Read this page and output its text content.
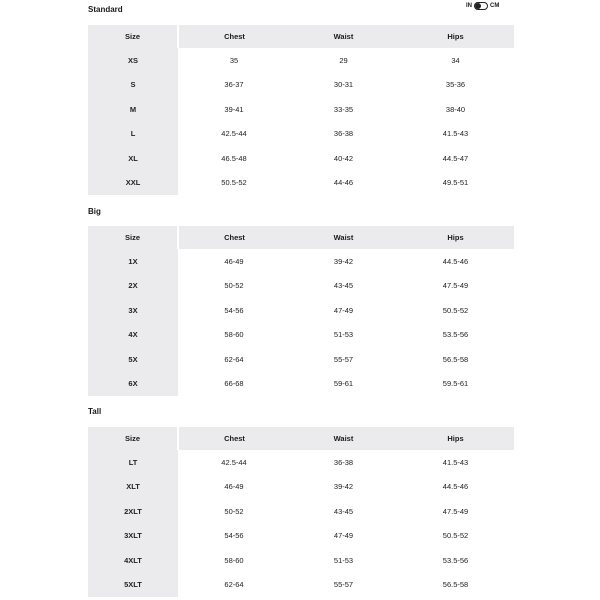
IN	CM
Standard
Size	Chest	Waist	Hips
XS	35	29	34
S	36-37	30-31	35-36
M	39-41	33-35	38-40
L	42.5-44	36-38	41.5-43
XL	46.5-48	40-42	44.5-47
XXL	50.5-52	44-46	49.5-51
Big
Size	Chest	Waist	Hips
1X	46-49	39-42	44.5-46
2X	50-52	43-45	47.5-49
3X	54-56	47-49	50.5-52
4X	58-60	51-53	53.5-56
5X	62-64	55-57	56.5-58
6X	66-68	59-61	59.5-61
Tall
Size	Chest	Waist	Hips
LT	42.5-44	36-38	41.5-43
XLT	46-49	39-42	44.5-46
2XLT	50-52	43-45	47.5-49
3XLT	54-56	47-49	50.5-52
4XLT	58-60	51-53	53.5-56
5XLT	62-64	55-57	56.5-58
